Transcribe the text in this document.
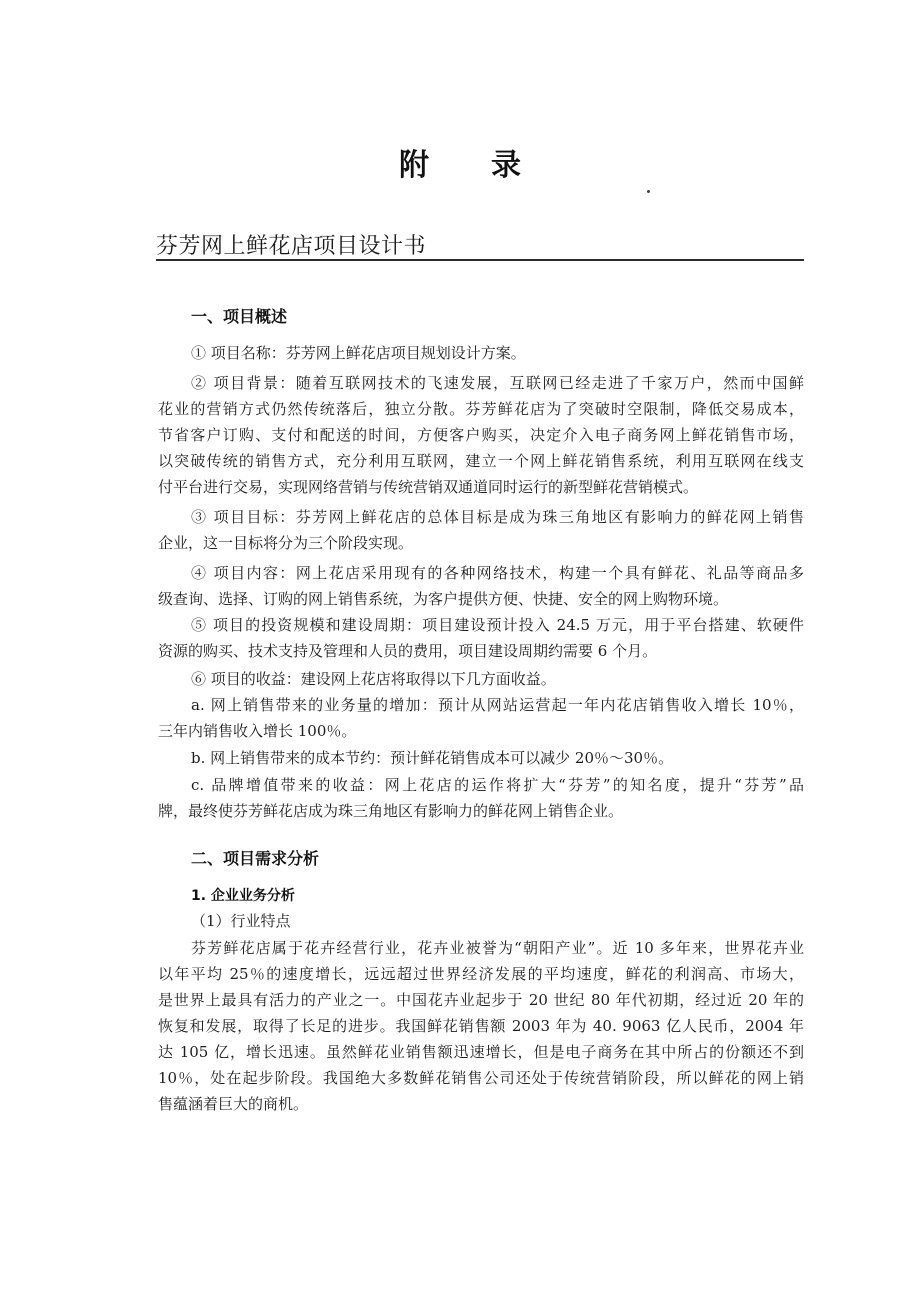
附录
芬芳网上鲜花店项目设计书
一、项目概述
① 项目名称：芬芳网上鲜花店项目规划设计方案。
② 项目背景：随着互联网技术的飞速发展，互联网已经走进了千家万户，然而中国鲜
花业的营销方式仍然传统落后，独立分散。芬芳鲜花店为了突破时空限制，降低交易成本，
节省客户订购、支付和配送的时间，方便客户购买，决定介入电子商务网上鲜花销售市场，
以突破传统的销售方式，充分利用互联网，建立一个网上鲜花销售系统，利用互联网在线支
付平台进行交易，实现网络营销与传统营销双通道同时运行的新型鲜花营销模式。
③ 项目目标：芬芳网上鲜花店的总体目标是成为珠三角地区有影响力的鲜花网上销售
企业，这一目标将分为三个阶段实现。
④ 项目内容：网上花店采用现有的各种网络技术，构建一个具有鲜花、礼品等商品多
级查询、选择、订购的网上销售系统，为客户提供方便、快捷、安全的网上购物环境。
⑤ 项目的投资规模和建设周期：项目建设预计投入 24.5 万元，用于平台搭建、软硬件
资源的购买、技术支持及管理和人员的费用，项目建设周期约需要 6 个月。
⑥ 项目的收益：建设网上花店将取得以下几方面收益。
a. 网上销售带来的业务量的增加：预计从网站运营起一年内花店销售收入增长 10％，
三年内销售收入增长 100％。
b. 网上销售带来的成本节约：预计鲜花销售成本可以减少 20％～30％。
c. 品牌增值带来的收益：网上花店的运作将扩大“芬芳”的知名度，提升“芬芳”品
牌，最终使芬芳鲜花店成为珠三角地区有影响力的鲜花网上销售企业。
二、项目需求分析
1. 企业业务分析
（1）行业特点
芬芳鲜花店属于花卉经营行业，花卉业被誉为“朝阳产业”。近 10 多年来，世界花卉业
以年平均 25％的速度增长，远远超过世界经济发展的平均速度，鲜花的利润高、市场大，
是世界上最具有活力的产业之一。中国花卉业起步于 20 世纪 80 年代初期，经过近 20 年的
恢复和发展，取得了长足的进步。我国鲜花销售额 2003 年为 40. 9063 亿人民币，2004 年
达 105 亿，增长迅速。虽然鲜花业销售额迅速增长，但是电子商务在其中所占的份额还不到
10％，处在起步阶段。我国绝大多数鲜花销售公司还处于传统营销阶段，所以鲜花的网上销
售蕴涵着巨大的商机。
